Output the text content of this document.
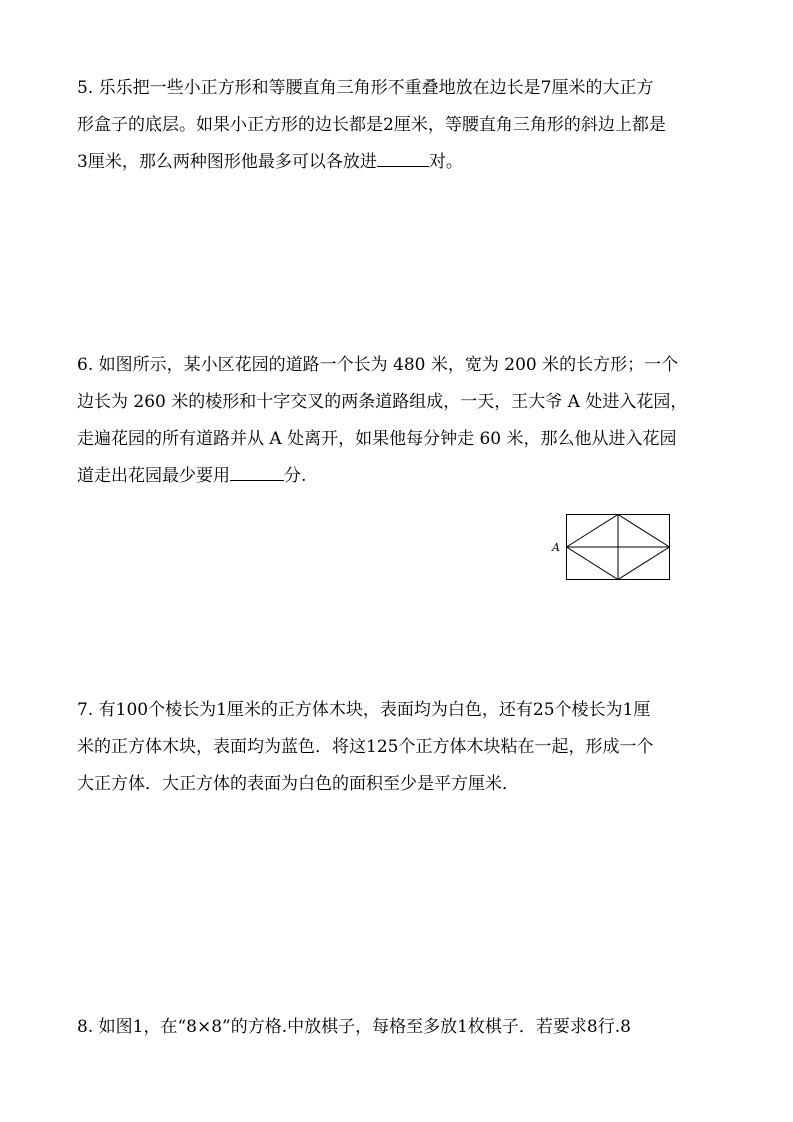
5. 乐乐把一些小正方形和等腰直角三角形不重叠地放在边长是7厘米的大正方
形盒子的底层。如果小正方形的边长都是2厘米，等腰直角三角形的斜边上都是
3厘米，那么两种图形他最多可以各放进	对。
6. 如图所示，某小区花园的道路一个长为 480 米，宽为 200 米的长方形；一个
边长为 260 米的棱形和十字交叉的两条道路组成，一天，王大爷 A 处进入花园，
走遍花园的所有道路并从 A 处离开，如果他每分钟走 60 米，那么他从进入花园
道走出花园最少要用	分.
A
7. 有100个棱长为1厘米的正方体木块，表面均为白色，还有25个棱长为1厘
米的正方体木块，表面均为蓝色．将这125个正方体木块粘在一起，形成一个
大正方体．大正方体的表面为白色的面积至少是平方厘米．
8. 如图1，在“8×8”的方格.中放棋子，每格至多放1枚棋子．若要求8行.8
